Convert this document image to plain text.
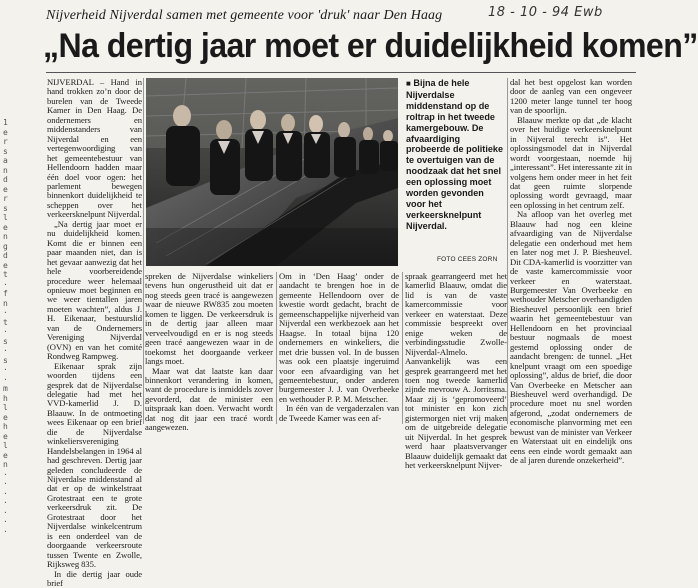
18 - 10 - 94 Ewb
Nijverheid Nijverdal samen met gemeente voor 'druk' naar Den Haag
„Na dertig jaar moet er duidelijkheid komen”
1
e
r
s
a
n
d
e
r
s
l
e
n
g
d
e
t
·
f
n
·
t
·
s
·
s
·
·
m
h
l
e
h
e
l
e
n
·
·
·
·
·
·
·

NIJVERDAL – Hand in hand trokken zo’n door de burelen van de Tweede Kamer in Den Haag. De ondernemers en middenstanders van Nijverdal en een vertegenwoordiging van het gemeentebestuur van Hellendoorn hadden maar één doel voor ogen: het parlement bewegen binnenkort duidelijkheid te scheppen over het verkeersknelpunt Nijverdal.

„Na dertig jaar moet er nu duidelijkheid komen. Komt die er binnen een paar maanden niet, dan is het gevaar aanwezig dat het hele voorbereidende procedure weer helemaal opnieuw moet beginnen en we weer tientallen jaren moeten wachten”, aldus J. H. Eikenaar, bestuurslid van de Ondernemers Vereniging Nijverdal (OVN) en van het comité Rondweg Rampweg.

Eikenaar sprak zijn woorden tijdens een gesprek dat de Nijverdalse delegatie had met het VVD-kamerlid J. D. Blaauw. In de ontmoeting wees Eikenaar op een brief die de Nijverdalse winkeliersvereniging Handelsbelangen in 1964 al had geschreven. Dertig jaar geleden concludeerde de Nijverdalse middenstand al dat er op de winkelstraat Grotestraat een te grote verkeersdruk zit. De Grotestraat door het Nijverdalse winkelcentrum is een onderdeel van de doorgaande verkeersroute tussen Twente en Zwolle, Rijksweg 835.

In die dertig jaar oude brief

■ Bijna de hele Nijverdalse middenstand op de roltrap in het tweede kamergebouw. De afvaardiging probeerde de politieke te overtuigen van de noodzaak dat het snel een oplossing moet worden gevonden voor het verkeersknelpunt Nijverdal.
FOTO CEES ZORN

spreken de Nijverdalse winkeliers tevens hun ongerustheid uit dat er nog steeds geen tracé is aangewezen waar de nieuwe RW835 zou moeten komen te liggen. De verkeersdruk is in de dertig jaar alleen maar verveelvoudigd en er is nog steeds geen tracé aangewezen waar in de toekomst het doorgaande verkeer langs moet.

Maar wat dat laatste kan daar binnenkort verandering in komen, want de procedure is inmiddels zover gevorderd, dat de minister een uitspraak kan doen. Verwacht wordt dat nog dit jaar een tracé wordt aangewezen.

Om in ‘Den Haag’ onder de aandacht te brengen hoe in de gemeente Hellendoorn over de kwestie wordt gedacht, bracht de gemeenschappelijke nijverheid van Nijverdal een werkbezoek aan het Haagse. In totaal bijna 120 ondernemers en winkeliers, die met drie bussen vol. In de bussen was ook een plaatsje ingeruimd voor een afvaardiging van het gemeentebestuur, onder anderen burgemeester J. J. van Overbeeke en wethouder P. P. M. Metscher.

In één van de vergaderzalen van de Tweede Kamer was een af-

spraak gearrangeerd met het kamerlid Blaauw, omdat die lid is van de vaste kamercommissie voor verkeer en waterstaat. Deze commissie bespreekt over enige weken de verbindingsstudie Zwolle-Nijverdal-Almelo. Aanvankelijk was een gesprek gearrangeerd met het toen nog tweede kamerlid zijnde mevrouw A. Jorritsma. Maar zij is ‘gepromoveerd’ tot minister en kon zich gistermorgen niet vrij maken om de uitgebreide delegatie uit Nijverdal. In het gesprek werd haar plaatsvervanger Blaauw duidelijk gemaakt dat het verkeersknelpunt Nijver-

dal het best opgelost kan worden door de aanleg van een ongeveer 1200 meter lange tunnel ter hoog van de spoorlijn.

Blaauw merkte op dat „de klacht over het huidige verkeersknelpunt in Nijveral terecht is”. Het oplossingsmodel dat in Nijverdal wordt voorgestaan, noemde hij „interessant”. Het interessante zit in volgens hem onder meer in het feit dat geen ruimte slorpende oplossing wordt gevraagd, maar een oplossing in het centrum zelf.

Na afloop van het overleg met Blaauw had nog een kleine afvaardiging van de Nijverdalse delegatie een onderhoud met hem en later nog met J. P. Biesheuvel. Dit CDA-kamerlid is voorzitter van de vaste kamercommissie voor verkeer en waterstaat. Burgemeester Van Overbeeke en wethouder Metscher overhandigden Biesheuvel persoonlijk een brief waarin het gemeentebestuur van Hellendoorn en het provinciaal bestuur nogmaals de moest gestemd oplossing onder de aandacht brengen: de tunnel. „Het knelpunt vraagt om een spoedige oplossing”, aldus de brief, die door Van Overbeeke en Metscher aan Biesheuvel werd overhandigd. De procedure moet nu snel worden afgerond, „zodat ondernemers de economische planvorming met een bewust van de minister van Verkeer en Waterstaat uit en eindelijk ons eens een einde wordt gemaakt aan de al jaren durende onzekerheid”.
